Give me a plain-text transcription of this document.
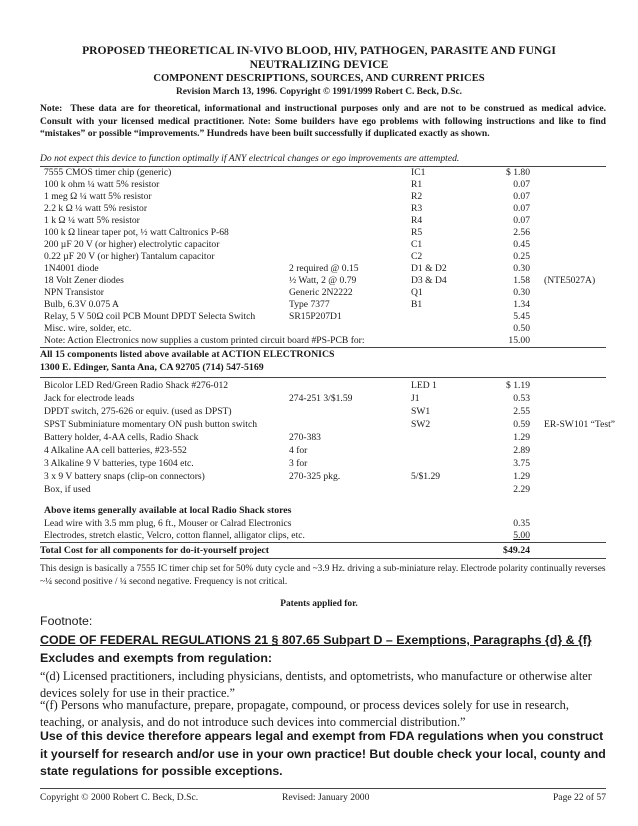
PROPOSED THEORETICAL IN-VIVO BLOOD, HIV, PATHOGEN, PARASITE AND FUNGI
NEUTRALIZING DEVICE
COMPONENT DESCRIPTIONS, SOURCES, AND CURRENT PRICES
Revision March 13, 1996. Copyright © 1991/1999 Robert C. Beck, D.Sc.
Note: These data are for theoretical, informational and instructional purposes only and are not to be construed as medical advice. Consult with your licensed medical practitioner. Note: Some builders have ego problems with following instructions and like to find “mistakes” or possible “improvements.” Hundreds have been built successfully if duplicated exactly as shown.
Do not expect this device to function optimally if ANY electrical changes or ego improvements are attempted.
7555 CMOS timer chip (generic)	IC1	$ 1.80
100 k ohm ¼ watt 5% resistor	R1	0.07
1 meg Ω ¼ watt 5% resistor	R2	0.07
2.2 k Ω ¼ watt 5% resistor	R3	0.07
1 k Ω ¼ watt 5% resistor	R4	0.07
100 k Ω linear taper pot, ½ watt Caltronics P-68	R5	2.56
200 µF 20 V (or higher) electrolytic capacitor	C1	0.45
0.22 µF 20 V (or higher) Tantalum capacitor	C2	0.25
1N4001 diode	2 required @ 0.15	D1 & D2	0.30
18 Volt Zener diodes	½ Watt, 2 @ 0.79	D3 & D4	1.58 (NTE5027A)
NPN Transistor	Generic 2N2222	Q1	0.30
Bulb, 6.3V 0.075 A	Type 7377	B1	1.34
Relay, 5 V 50Ω coil PCB Mount DPDT Selecta Switch	SR15P207D1	5.45
Misc. wire, solder, etc.	0.50
Note: Action Electronics now supplies a custom printed circuit board #PS-PCB for:	15.00
All 15 components listed above available at ACTION ELECTRONICS
1300 E. Edinger, Santa Ana, CA 92705 (714) 547-5169
Bicolor LED Red/Green Radio Shack #276-012	LED 1	$ 1.19
Jack for electrode leads	274-251 3/$1.59	J1	0.53
DPDT switch, 275-626 or equiv. (used as DPST)	SW1	2.55
SPST Subminiature momentary ON push button switch	SW2	0.59 ER-SW101 “Test”
Battery holder, 4-AA cells, Radio Shack	270-383	1.29
4 Alkaline AA cell batteries, #23-552	4 for	2.89
3 Alkaline 9 V batteries, type 1604 etc.	3 for	3.75
3 x 9 V battery snaps (clip-on connectors)	270-325 pkg.	5/$1.29	1.29
Box, if used	2.29
Above items generally available at local Radio Shack stores
Lead wire with 3.5 mm plug, 6 ft., Mouser or Calrad Electronics	0.35
Electrodes, stretch elastic, Velcro, cotton flannel, alligator clips, etc.	5.00
Total Cost for all components for do-it-yourself project	$49.24
This design is basically a 7555 IC timer chip set for 50% duty cycle and ~3.9 Hz. driving a sub-miniature relay. Electrode polarity continually reverses ~¼ second positive / ¼ second negative. Frequency is not critical.
Patents applied for.
Footnote:
CODE OF FEDERAL REGULATIONS 21 § 807.65 Subpart D – Exemptions, Paragraphs {d} & {f}
Excludes and exempts from regulation:
“(d) Licensed practitioners, including physicians, dentists, and optometrists, who manufacture or otherwise alter devices solely for use in their practice.”
“(f) Persons who manufacture, prepare, propagate, compound, or process devices solely for use in research, teaching, or analysis, and do not introduce such devices into commercial distribution.”
Use of this device therefore appears legal and exempt from FDA regulations when you construct it yourself for research and/or use in your own practice! But double check your local, county and state regulations for possible exceptions.
Copyright © 2000 Robert C. Beck, D.Sc.	Revised: January 2000	Page 22 of 57
